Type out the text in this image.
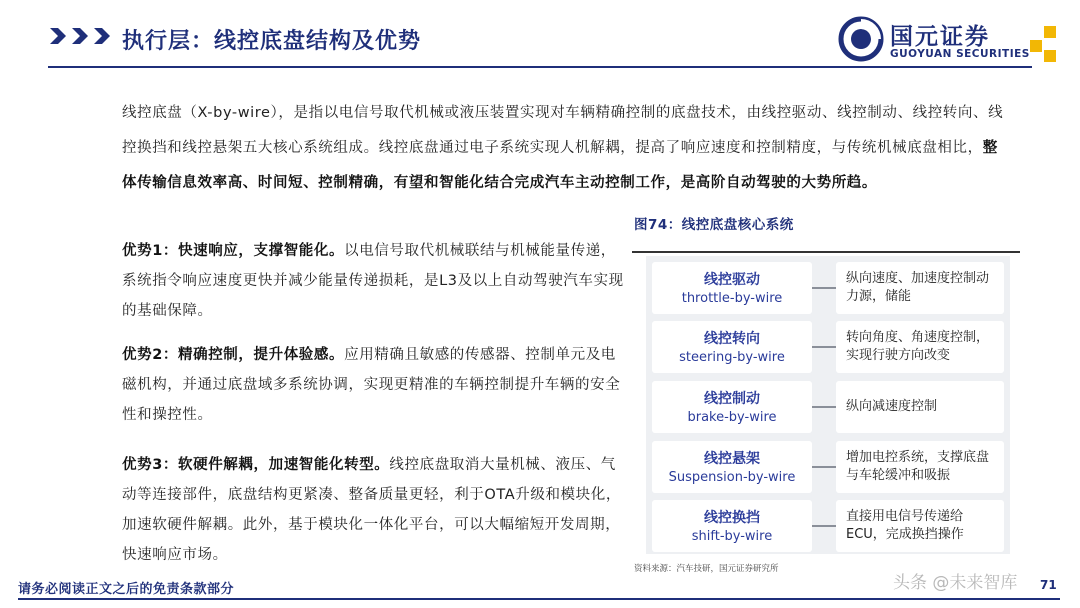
执行层：线控底盘结构及优势	国元证券
GUOYUAN SECURITIES
线控底盘（X-by-wire），是指以电信号取代机械或液压装置实现对车辆精确控制的底盘技术，由线控驱动、线控制动、线控转向、线控换挡和线控悬架五大核心系统组成。线控底盘通过电子系统实现人机解耦，提高了响应速度和控制精度，与传统机械底盘相比，整体传输信息效率高、时间短、控制精确，有望和智能化结合完成汽车主动控制工作，是高阶自动驾驶的大势所趋。
优势1：快速响应，支撑智能化。以电信号取代机械联结与机械能量传递，系统指令响应速度更快并减少能量传递损耗，是L3及以上自动驾驶汽车实现的基础保障。
优势2：精确控制，提升体验感。应用精确且敏感的传感器、控制单元及电磁机构，并通过底盘域多系统协调，实现更精准的车辆控制提升车辆的安全性和操控性。
优势3：软硬件解耦，加速智能化转型。线控底盘取消大量机械、液压、气动等连接部件，底盘结构更紧凑、整备质量更轻，利于OTA升级和模块化，加速软硬件解耦。此外，基于模块化一体化平台，可以大幅缩短开发周期，快速响应市场。
图74：线控底盘核心系统
线控驱动
throttle-by-wire
纵向速度、加速度控制动力源，储能
线控转向
steering-by-wire
转向角度、角速度控制，实现行驶方向改变
线控制动
brake-by-wire
纵向减速度控制
线控悬架
Suspension-by-wire
增加电控系统，支撑底盘与车轮缓冲和吸振
线控换挡
shift-by-wire
直接用电信号传递给ECU，完成换挡操作
资料来源：汽车技研，国元证券研究所
请务必阅读正文之后的免责条款部分	头条 @未来智库 71
